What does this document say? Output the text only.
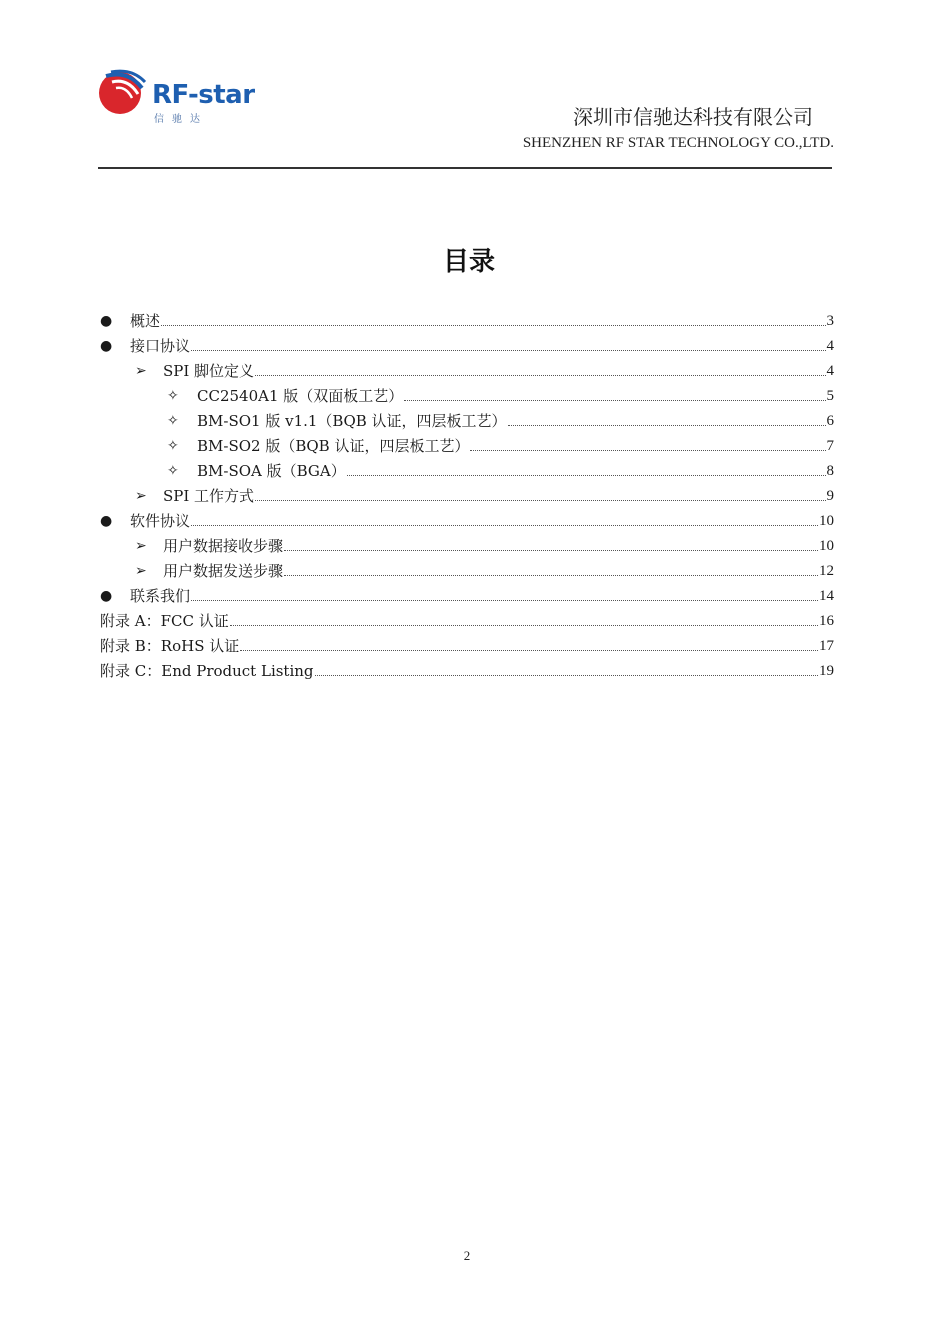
RF-star
信驰达	深圳市信驰达科技有限公司
SHENZHEN RF STAR TECHNOLOGY CO.,LTD.
目录
●	概述	3
●	接口协议	4
➢	SPI 脚位定义	4
✧	CC2540A1 版（双面板工艺）	5
✧	BM-SO1 版 v1.1（BQB 认证，四层板工艺）	6
✧	BM-SO2 版（BQB 认证，四层板工艺）	7
✧	BM-SOA 版（BGA）	8
➢	SPI 工作方式	9
●	软件协议	10
➢	用户数据接收步骤	10
➢	用户数据发送步骤	12
●	联系我们	14
附录 A：FCC 认证	16
附录 B：RoHS 认证	17
附录 C：End Product Listing	19
2
